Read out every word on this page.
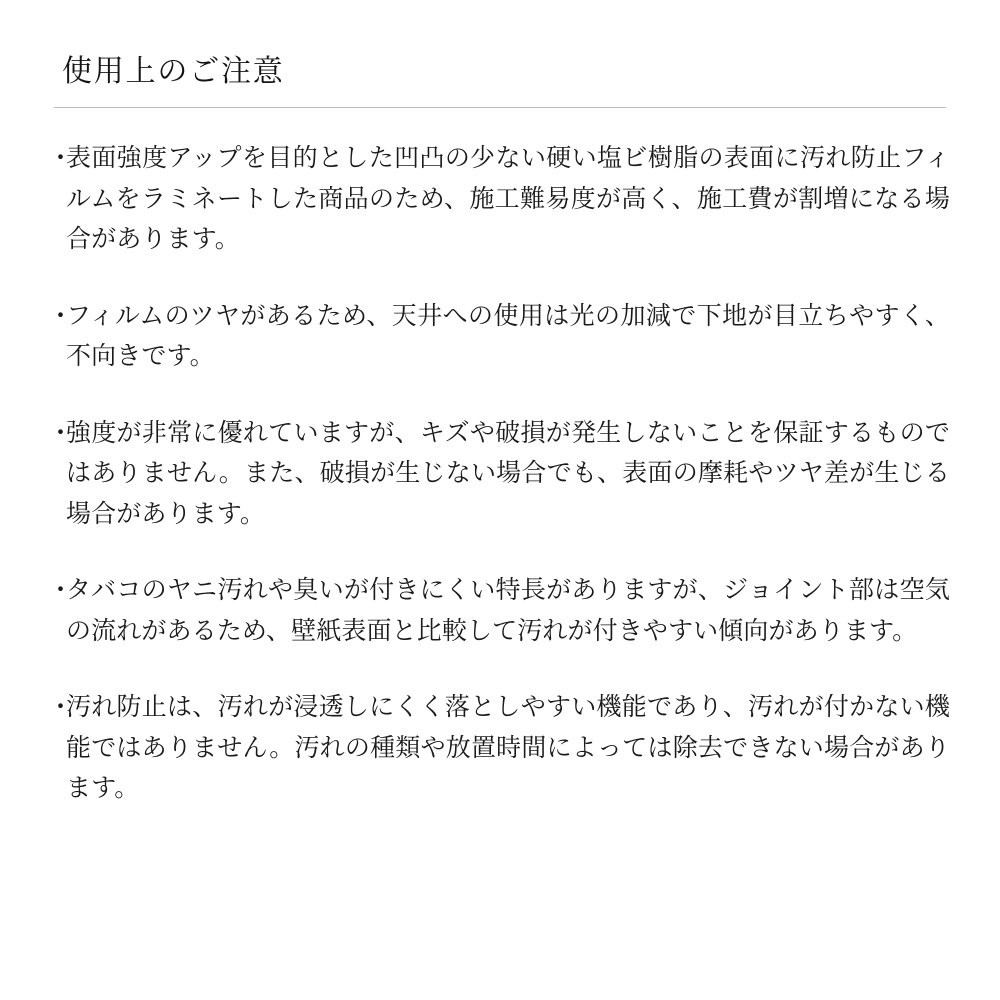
使用上のご注意
・
表面強度アップを目的とした凹凸の少ない硬い塩ビ樹脂の表面に汚れ防止フィルムをラミネートした商品のため、施工難易度が高く、施工費が割増になる場合があります。
・
フィルムのツヤがあるため、天井への使用は光の加減で下地が目立ちやすく、不向きです。
・
強度が非常に優れていますが、キズや破損が発生しないことを保証するものではありません。また、破損が生じない場合でも、表面の摩耗やツヤ差が生じる場合があります。
・
タバコのヤニ汚れや臭いが付きにくい特長がありますが、ジョイント部は空気の流れがあるため、壁紙表面と比較して汚れが付きやすい傾向があります。
・
汚れ防止は、汚れが浸透しにくく落としやすい機能であり、汚れが付かない機能ではありません。汚れの種類や放置時間によっては除去できない場合があります。
